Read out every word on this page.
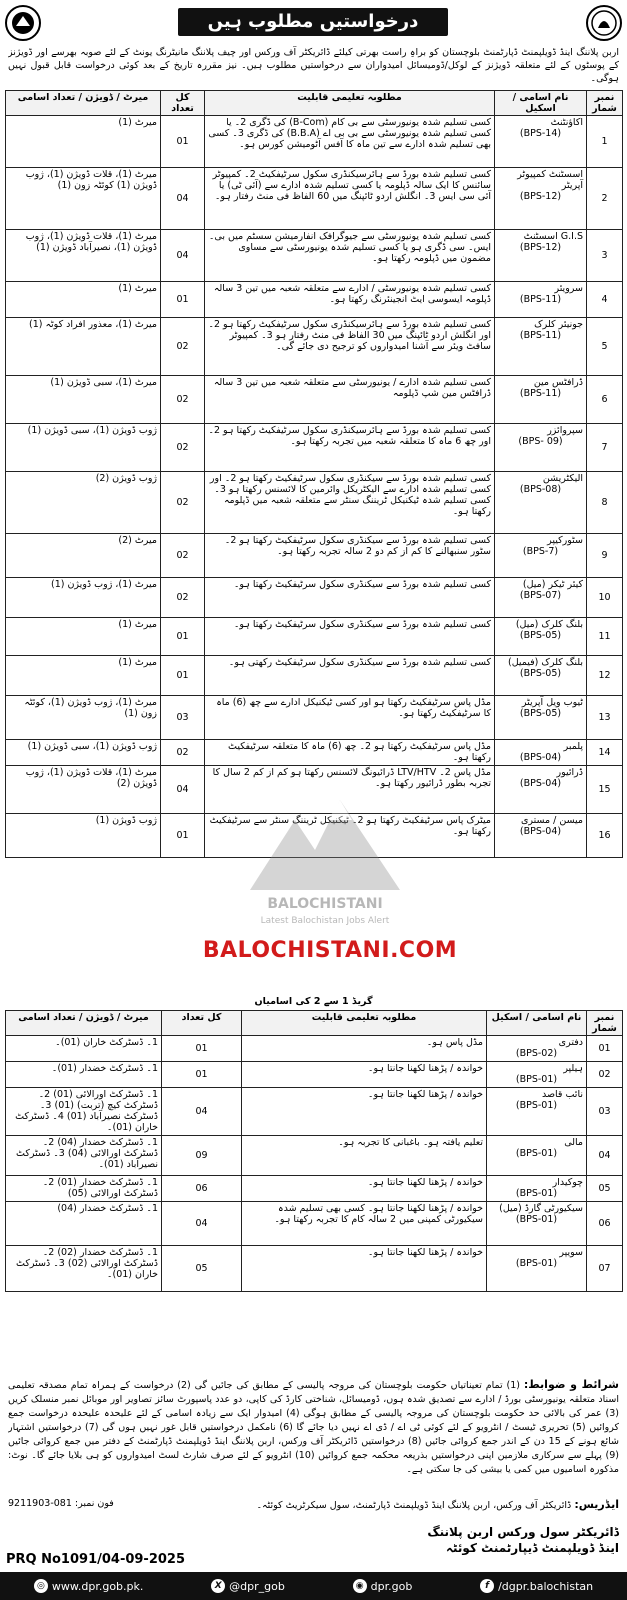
درخواستیں مطلوب ہیں
اربن پلاننگ اینڈ ڈویلپمنٹ ڈپارٹمنٹ بلوچستان کو براہِ راست بھرتی کیلئے ڈائریکٹر آف ورکس اور چیف پلاننگ مانیٹرنگ یونٹ کے لئے صوبہ بھرسے اور ڈویژنز کے پوسٹوں کے لئے متعلقہ ڈویژنز کے لوکل/ڈومیسائل امیدواران سے درخواستیں مطلوب ہیں۔ نیز مقررہ تاریخ کے بعد کوئی درخواست قابل قبول نہیں ہوگی۔
نمبر شمار	نام اسامی / اسکیل	مطلوبہ تعلیمی قابلیت	کل تعداد	میرٹ / ڈویژن / تعداد اسامی
1	اکاؤنٹنٹ
(BPS-14)	کسی تسلیم شدہ یونیورسٹی سے بی کام (B-Com) کی ڈگری 2۔ یا کسی تسلیم شدہ یونیورسٹی سے بی بی اے (B.B.A) کی ڈگری 3۔ کسی بھی تسلیم شدہ ادارے سے تین ماہ کا آفس آٹومیشن کورس ہو۔	01	میرٹ (1)
2	اسسٹنٹ کمپیوٹر آپریٹر
(BPS-12)	کسی تسلیم شدہ بورڈ سے ہائرسیکنڈری سکول سرٹیفکیٹ 2۔ کمپیوٹر سائنس کا ایک سالہ ڈپلومہ یا کسی تسلیم شدہ ادارے سے (آئی ٹی) یا آئی سی ایس 3۔ انگلش اردو ٹائپنگ میں 60 الفاظ فی منٹ رفتار ہو۔	04	میرٹ (1)، قلات ڈویژن (1)، ژوب ڈویژن (1) کوئٹہ زون (1)
3	G.I.S اسسٹنٹ
(BPS-12)	کسی تسلیم شدہ یونیورسٹی سے جیوگرافک انفارمیشن سسٹم میں بی۔ایس۔ سی ڈگری ہو یا کسی تسلیم شدہ یونیورسٹی سے مساوی مضمون میں ڈپلومہ رکھتا ہو۔	04	میرٹ (1)، قلات ڈویژن (1)، ژوب ڈویژن (1)، نصیرآباد ڈویژن (1)
4	سرویئر
(BPS-11)	کسی تسلیم شدہ یونیورسٹی / ادارے سے متعلقہ شعبہ میں تین 3 سالہ ڈپلومہ ایسوسی ایٹ انجینئرنگ رکھتا ہو۔	01	میرٹ (1)
5	جونیئر کلرک
(BPS-11)	کسی تسلیم شدہ بورڈ سے ہائرسیکنڈری سکول سرٹیفکیٹ رکھتا ہو 2۔ اور انگلش اردو ٹائپنگ میں 30 الفاظ فی منٹ رفتار ہو 3۔ کمپیوٹر سافٹ ویئر سے آشنا امیدواروں کو ترجیح دی جائے گی۔	02	میرٹ (1)، معذور افراد کوٹہ (1)
6	ڈرافٹس مین
(BPS-11)	کسی تسلیم شدہ ادارے / یونیورسٹی سے متعلقہ شعبہ میں تین 3 سالہ ڈرافٹس مین شپ ڈپلومہ	02	میرٹ (1)، سبی ڈویژن (1)
7	سپروائزر
(BPS- 09)	کسی تسلیم شدہ بورڈ سے ہائرسیکنڈری سکول سرٹیفکیٹ رکھتا ہو 2۔ اور چھ 6 ماہ کا متعلقہ شعبہ میں تجربہ رکھتا ہو۔	02	ژوب ڈویژن (1)، سبی ڈویژن (1)
8	الیکٹریشن
(BPS-08)	کسی تسلیم شدہ بورڈ سے سیکنڈری سکول سرٹیفکیٹ رکھتا ہو 2۔ اور کسی تسلیم شدہ ادارے سے الیکٹریکل وائرمین کا لائسنس رکھتا ہو 3۔ کسی تسلیم شدہ ٹیکنیکل ٹریننگ سنٹر سے متعلقہ شعبہ میں ڈپلومہ رکھتا ہو۔	02	ژوب ڈویژن (2)
9	سٹورکیپر
(BPS-7)	کسی تسلیم شدہ بورڈ سے سیکنڈری سکول سرٹیفکیٹ رکھتا ہو 2۔ سٹور سنبھالنے کا کم از کم دو 2 سالہ تجربہ رکھتا ہو۔	02	میرٹ (2)
10	کیئر ٹیکر (میل)
(BPS-07)	کسی تسلیم شدہ بورڈ سے سیکنڈری سکول سرٹیفکیٹ رکھتا ہو۔	02	میرٹ (1)، ژوب ڈویژن (1)
11	بلنگ کلرک (میل)
(BPS-05)	کسی تسلیم شدہ بورڈ سے سیکنڈری سکول سرٹیفکیٹ رکھتا ہو۔	01	میرٹ (1)
12	بلنگ کلرک (فیمیل)
(BPS-05)	کسی تسلیم شدہ بورڈ سے سیکنڈری سکول سرٹیفکیٹ رکھتی ہو۔	01	میرٹ (1)
13	ٹیوب ویل آپریٹر
(BPS-05)	مڈل پاس سرٹیفکیٹ رکھتا ہو اور کسی ٹیکنیکل ادارے سے چھ (6) ماہ کا سرٹیفکیٹ رکھتا ہو۔	03	میرٹ (1)، ژوب ڈویژن (1)، کوئٹہ زون (1)
14	پلمبر
(BPS-04)	مڈل پاس سرٹیفکیٹ رکھتا ہو 2۔ چھ (6) ماہ کا متعلقہ سرٹیفکیٹ رکھتا ہو۔	02	ژوب ڈویژن (1)، سبی ڈویژن (1)
15	ڈرائیور
(BPS-04)	مڈل پاس 2۔ LTV/HTV ڈرائیونگ لائسنس رکھتا ہو کم از کم 2 سال کا تجربہ بطور ڈرائیور رکھتا ہو۔	04	میرٹ (1)، قلات ڈویژن (1)، ژوب ڈویژن (2)
16	میسن / مستری
(BPS-04)	میٹرک پاس سرٹیفکیٹ رکھتا ہو 2۔ ٹیکنیکل ٹریننگ سنٹر سے سرٹیفکیٹ رکھتا ہو۔	01	ژوب ڈویژن (1)
BALOCHISTANI
Latest Balochistan Jobs Alert
BALOCHISTANI.COM
گریڈ 1 سے 2 کی اسامیاں
نمبر شمار	نام اسامی / اسکیل	مطلوبہ تعلیمی قابلیت	کل تعداد	میرٹ / ڈویژن / تعداد اسامی
01	دفتری
(BPS-02)	مڈل پاس ہو۔	01	1۔ ڈسٹرکٹ خاران (01)۔
02	ہیلپر
(BPS-01)	خواندہ / پڑھنا لکھنا جانتا ہو۔	01	1۔ ڈسٹرکٹ خضدار (01)۔
03	نائب قاصد
(BPS-01)	خواندہ / پڑھنا لکھنا جانتا ہو۔	04	1۔ ڈسٹرکٹ اورالائی (01) 2۔ ڈسٹرکٹ کیچ (تربت) (01) 3۔ ڈسٹرکٹ نصیرآباد (01) 4۔ ڈسٹرکٹ خاران (01)۔
04	مالی
(BPS-01)	تعلیم یافتہ ہو۔ باغبانی کا تجربہ ہو۔	09	1۔ ڈسٹرکٹ خضدار (04) 2۔ ڈسٹرکٹ اورالائی (04) 3۔ ڈسٹرکٹ نصیرآباد (01)۔
05	چوکیدار
(BPS-01)	خواندہ / پڑھنا لکھنا جانتا ہو۔	06	1۔ ڈسٹرکٹ خضدار (01) 2۔ ڈسٹرکٹ اورالائی (05)
06	سیکیورٹی گارڈ (میل)
(BPS-01)	خواندہ / پڑھنا لکھنا جانتا ہو۔ کسی بھی تسلیم شدہ سیکیورٹی کمپنی میں 2 سالہ کام کا تجربہ رکھتا ہو۔	04	1۔ ڈسٹرکٹ خضدار (04)
07	سویپر
(BPS-01)	خواندہ / پڑھنا لکھنا جانتا ہو۔	05	1۔ ڈسٹرکٹ خضدار (02) 2۔ ڈسٹرکٹ اورالائی (02) 3۔ ڈسٹرکٹ خاران (01)۔
شرائط و ضوابط: (1) تمام تعیناتیاں حکومت بلوچستان کی مروجہ پالیسی کے مطابق کی جائیں گی (2) درخواست کے ہمراہ تمام مصدقہ تعلیمی اسناد متعلقہ یونیورسٹی بورڈ / ادارے سے تصدیق شدہ ہوں، ڈومیسائل، شناختی کارڈ کی کاپی، دو عدد پاسپورٹ سائز تصاویر اور موبائل نمبر منسلک کریں (3) عمر کی بالائی حد حکومت بلوچستان کی مروجہ پالیسی کے مطابق ہوگی (4) امیدوار ایک سے زیادہ اسامی کے لئے علیحدہ علیحدہ درخواست جمع کروائیں (5) تحریری ٹیسٹ / انٹرویو کے لئے کوئی ٹی اے / ڈی اے نہیں دیا جائے گا (6) نامکمل درخواستیں قابل غور نہیں ہوں گی (7) درخواستیں اشتہار شائع ہونے کے 15 دن کے اندر جمع کروائی جائیں (8) درخواستیں ڈائریکٹر آف ورکس، اربن پلاننگ اینڈ ڈویلپمنٹ ڈپارٹمنٹ کے دفتر میں جمع کروائی جائیں (9) پہلے سے سرکاری ملازمین اپنی درخواستیں بذریعہ محکمہ جمع کروائیں (10) انٹرویو کے لئے صرف شارٹ لسٹ امیدواروں کو ہی بلایا جائے گا۔ نوٹ: مذکورہ اسامیوں میں کمی یا بیشی کی جا سکتی ہے۔
ایڈریس: ڈائریکٹر آف ورکس، اربن پلاننگ اینڈ ڈویلپمنٹ ڈپارٹمنٹ، سول سیکرٹریٹ کوئٹہ۔
فون نمبر: 081-9211903
ڈائریکٹر سول ورکس اربن پلاننگ
اینڈ ڈویلپمنٹ ڈیپارٹمنٹ کوئٹہ
PRQ No1091/04-09-2025
◎ www.dpr.gob.pk.	X @dpr_gob	◉ dpr.gob	f /dgpr.balochistan
